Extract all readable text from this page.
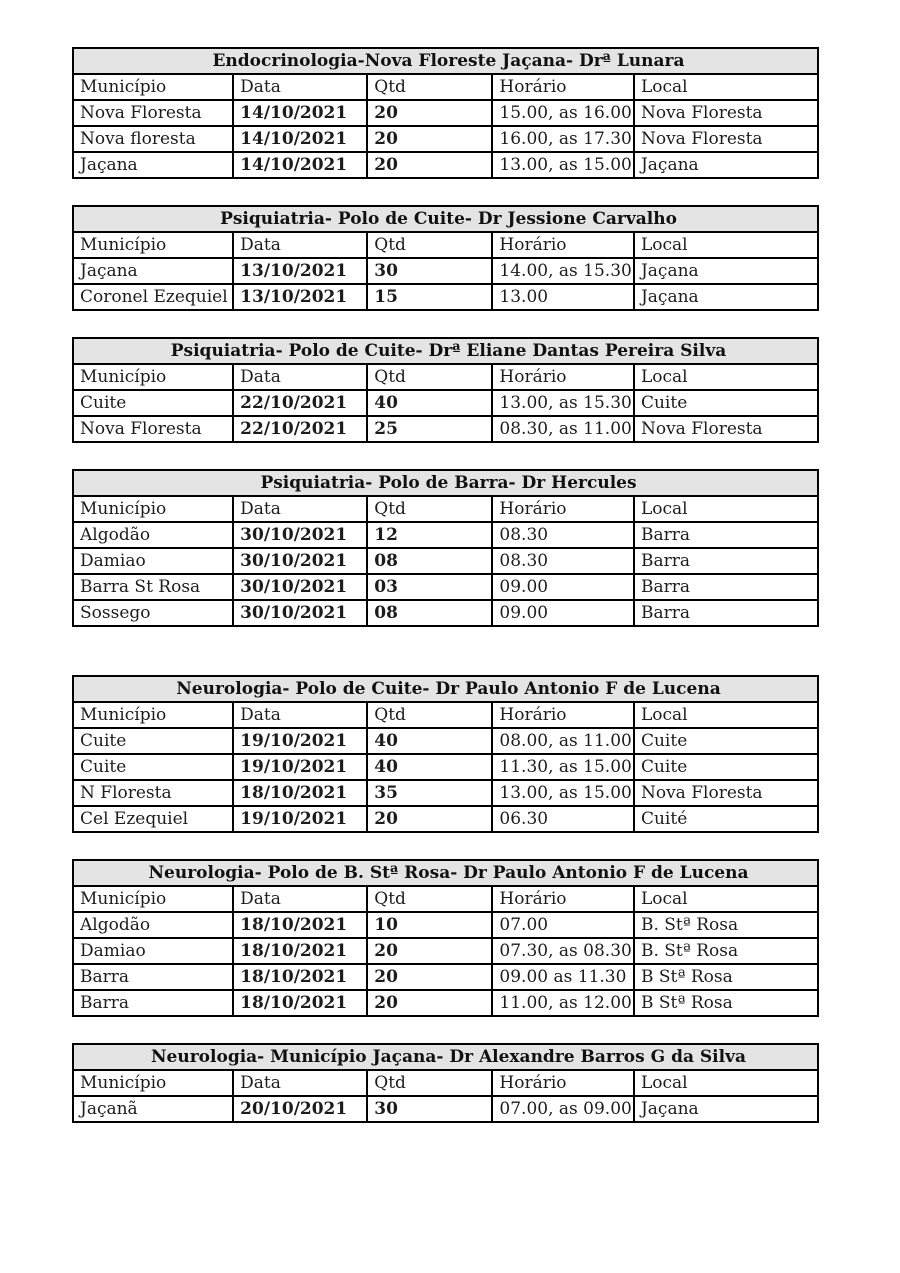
Endocrinologia-Nova Floreste Jaçana- Drª Lunara				
Município	Data	Qtd	Horário	Local
Nova Floresta	14/10/2021	20	15.00, as 16.00	Nova Floresta
Nova floresta	14/10/2021	20	16.00, as 17.30	Nova Floresta
Jaçana	14/10/2021	20	13.00, as 15.00	Jaçana
Psiquiatria- Polo de Cuite- Dr Jessione Carvalho				
Município	Data	Qtd	Horário	Local
Jaçana	13/10/2021	30	14.00, as 15.30	Jaçana
Coronel Ezequiel	13/10/2021	15	13.00	Jaçana
Psiquiatria- Polo de Cuite- Drª Eliane Dantas Pereira Silva				
Município	Data	Qtd	Horário	Local
Cuite	22/10/2021	40	13.00, as 15.30	Cuite
Nova Floresta	22/10/2021	25	08.30, as 11.00	Nova Floresta
Psiquiatria- Polo de Barra- Dr Hercules				
Município	Data	Qtd	Horário	Local
Algodão	30/10/2021	12	08.30	Barra
Damiao	30/10/2021	08	08.30	Barra
Barra St Rosa	30/10/2021	03	09.00	Barra
Sossego	30/10/2021	08	09.00	Barra
Neurologia- Polo de Cuite- Dr Paulo Antonio F de Lucena				
Município	Data	Qtd	Horário	Local
Cuite	19/10/2021	40	08.00, as 11.00	Cuite
Cuite	19/10/2021	40	11.30, as 15.00	Cuite
N Floresta	18/10/2021	35	13.00, as 15.00	Nova Floresta
Cel Ezequiel	19/10/2021	20	06.30	Cuité
Neurologia- Polo de B. Stª Rosa- Dr Paulo Antonio F de Lucena				
Município	Data	Qtd	Horário	Local
Algodão	18/10/2021	10	07.00	B. Stª Rosa
Damiao	18/10/2021	20	07.30, as 08.30	B. Stª Rosa
Barra	18/10/2021	20	09.00 as 11.30	B Stª Rosa
Barra	18/10/2021	20	11.00, as 12.00	B Stª Rosa
Neurologia- Município Jaçana- Dr Alexandre Barros G da Silva				
Município	Data	Qtd	Horário	Local
Jaçanã	20/10/2021	30	07.00, as 09.00	Jaçana
